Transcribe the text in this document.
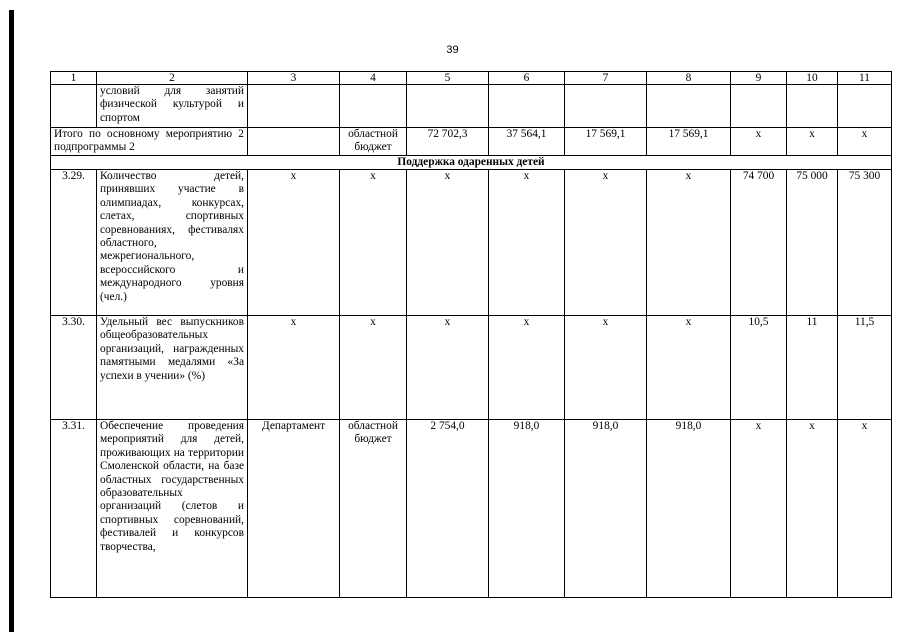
39
1	2	3	4	5	6	7	8	9	10	11
	условий для занятий физической культурой и спортом									
Итого по основному мероприятию 2 подпрограммы 2			областной бюджет	72 702,3	37 564,1	17 569,1	17 569,1	х	х	х
Поддержка одаренных детей										
3.29.	Количество детей, принявших участие в олимпиадах, конкурсах, слетах, спортивных соревнованиях, фестивалях областного, межрегионального, всероссийского и международного уровня (чел.)	х	х	х	х	х	х	74 700	75 000	75 300
3.30.	Удельный вес выпускников общеобразовательных организаций, награжденных памятными медалями «За успехи в учении» (%)	х	х	х	х	х	х	10,5	11	11,5
3.31.	Обеспечение проведения мероприятий для детей, проживающих на территории Смоленской области, на базе областных государственных образовательных организаций (слетов и спортивных соревнований, фестивалей и конкурсов творчества,	Департамент	областной бюджет	2 754,0	918,0	918,0	918,0	х	х	х
